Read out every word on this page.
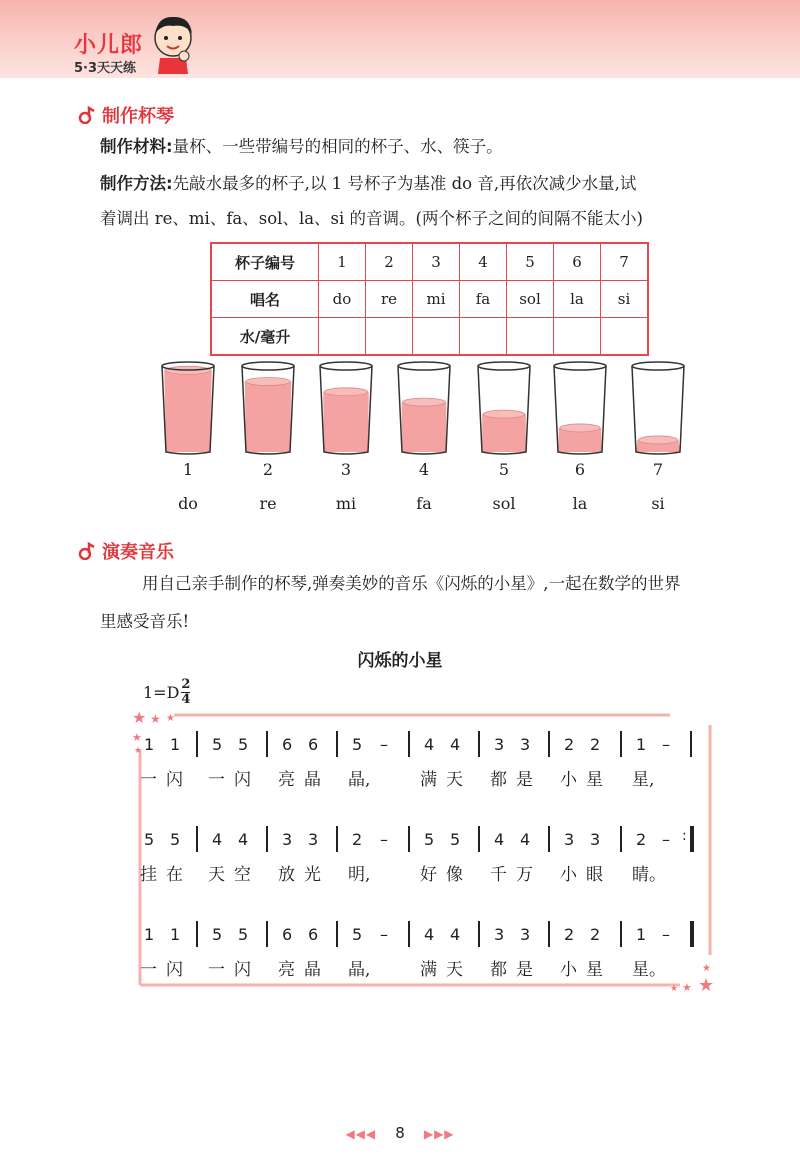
小儿郎
5·3天天练
制作杯琴
制作材料:量杯、一些带编号的相同的杯子、水、筷子。
制作方法:先敲水最多的杯子,以 1 号杯子为基准 do 音,再依次减少水量,试
着调出 re、mi、fa、sol、la、si 的音调。(两个杯子之间的间隔不能太小)
杯子编号	1	2	3	4	5	6	7
唱名	do	re	mi	fa	sol	la	si
水/毫升							
1
do
2
re
3
mi
4
fa
5
sol
6
la
7
si
演奏音乐
用自己亲手制作的杯琴,弹奏美妙的音乐《闪烁的小星》,一起在数学的世界
里感受音乐!
闪烁的小星
$1=D \frac{2}{4}$
★ ★ ★
★
★
★
★
★
★
1 1 5 5 6 6 5 – 4 4 3 3 2 2 1 –
一 闪 一 闪 亮 晶 晶,	满 天 都 是 小 星 星,
5 5 4 4 3 3 2 – 5 5 4 4 3 3 2 – :
挂 在 天 空 放 光 明,	好 像 千 万 小 眼 睛。
1 1 5 5 6 6 5 – 4 4 3 3 2 2 1 –
一 闪 一 闪 亮 晶 晶,	满 天 都 是 小 星 星。
◀◀◀ 8 ▶▶▶
